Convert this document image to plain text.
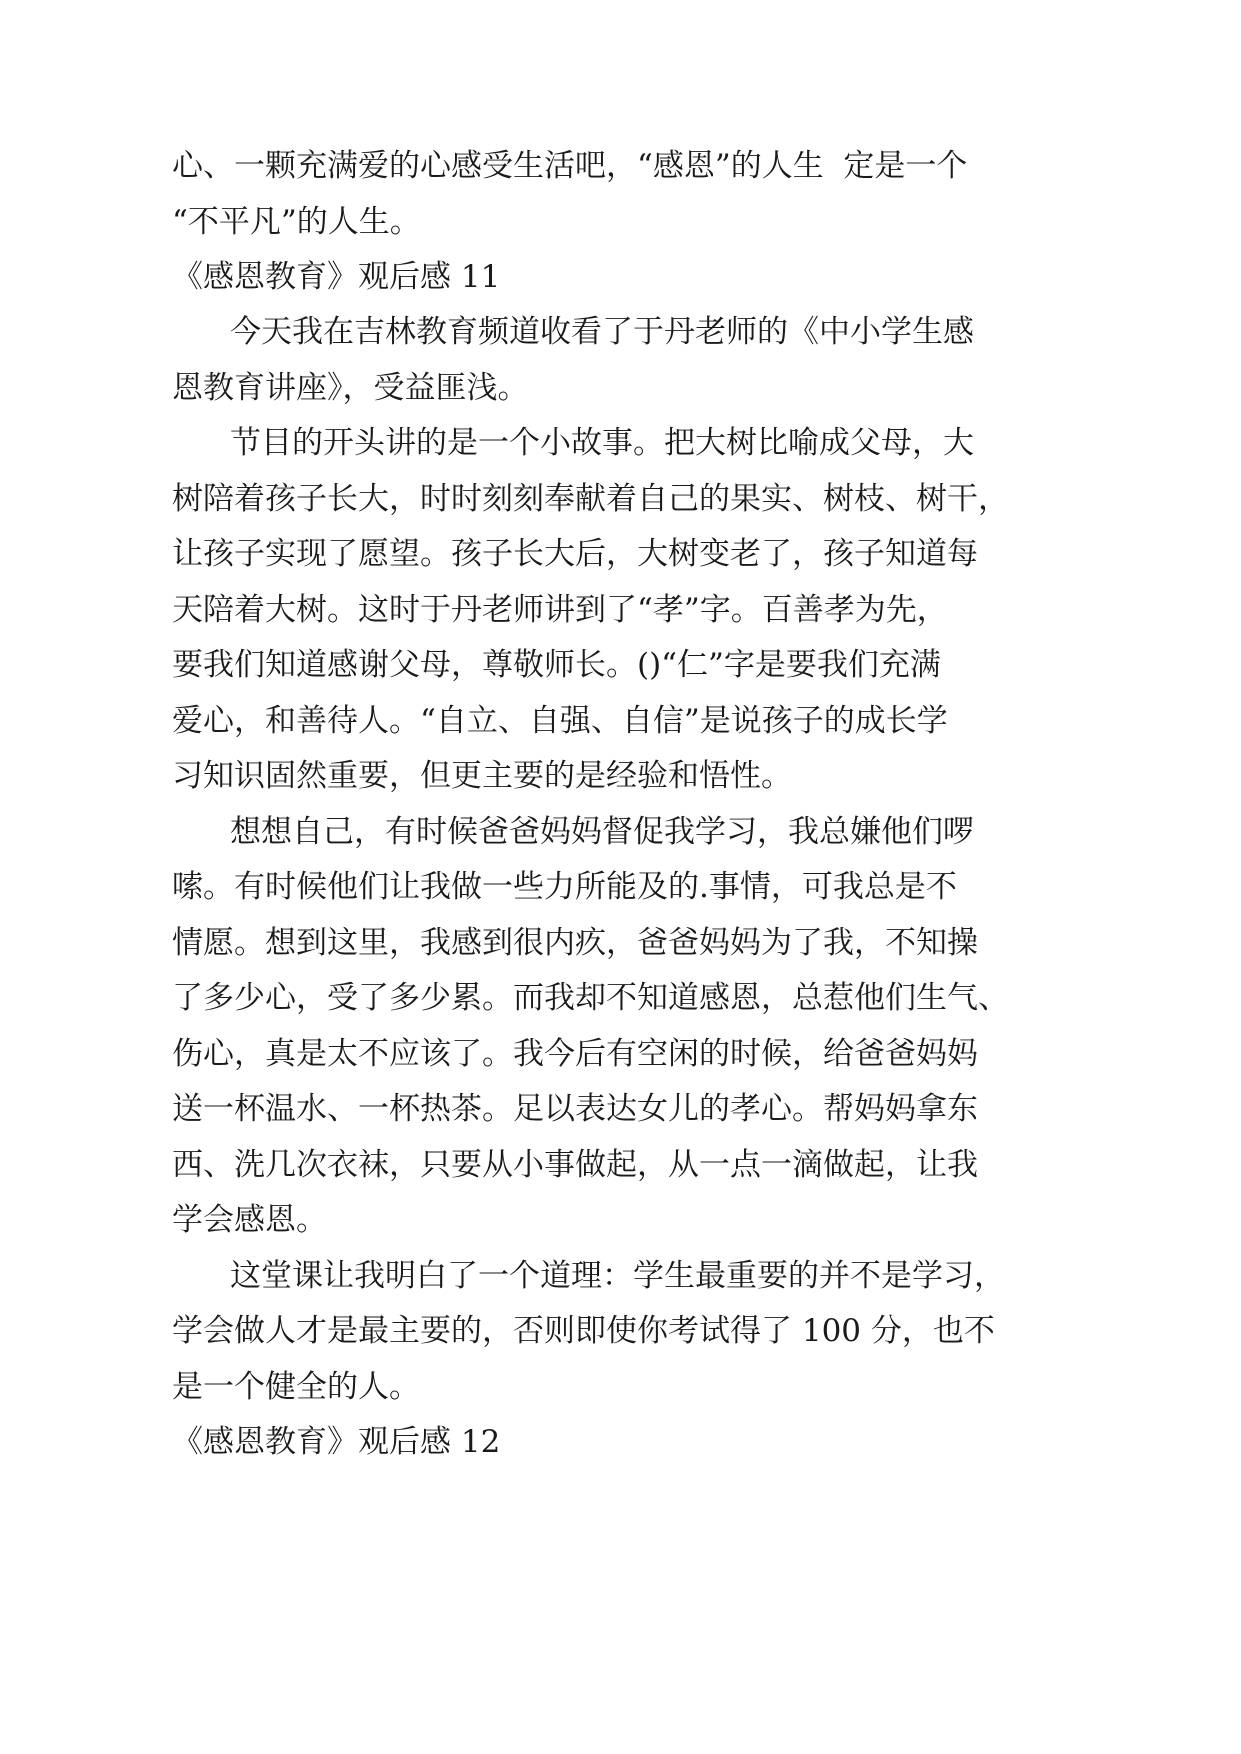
心、一颗充满爱的心感受生活吧，“感恩”的人生  定是一个
“不平凡”的人生。
《感恩教育》观后感 11
今天我在吉林教育频道收看了于丹老师的《中小学生感
恩教育讲座》，受益匪浅。
节目的开头讲的是一个小故事。把大树比喻成父母，大
树陪着孩子长大，时时刻刻奉献着自己的果实、树枝、树干，
让孩子实现了愿望。孩子长大后，大树变老了，孩子知道每
天陪着大树。这时于丹老师讲到了“孝”字。百善孝为先，
要我们知道感谢父母，尊敬师长。()“仁”字是要我们充满
爱心，和善待人。“自立、自强、自信”是说孩子的成长学
习知识固然重要，但更主要的是经验和悟性。
想想自己，有时候爸爸妈妈督促我学习，我总嫌他们啰
嗦。有时候他们让我做一些力所能及的.事情，可我总是不
情愿。想到这里，我感到很内疚，爸爸妈妈为了我，不知操
了多少心，受了多少累。而我却不知道感恩，总惹他们生气、
伤心，真是太不应该了。我今后有空闲的时候，给爸爸妈妈
送一杯温水、一杯热茶。足以表达女儿的孝心。帮妈妈拿东
西、洗几次衣袜，只要从小事做起，从一点一滴做起，让我
学会感恩。
这堂课让我明白了一个道理：学生最重要的并不是学习，
学会做人才是最主要的，否则即使你考试得了 100 分，也不
是一个健全的人。
《感恩教育》观后感 12
